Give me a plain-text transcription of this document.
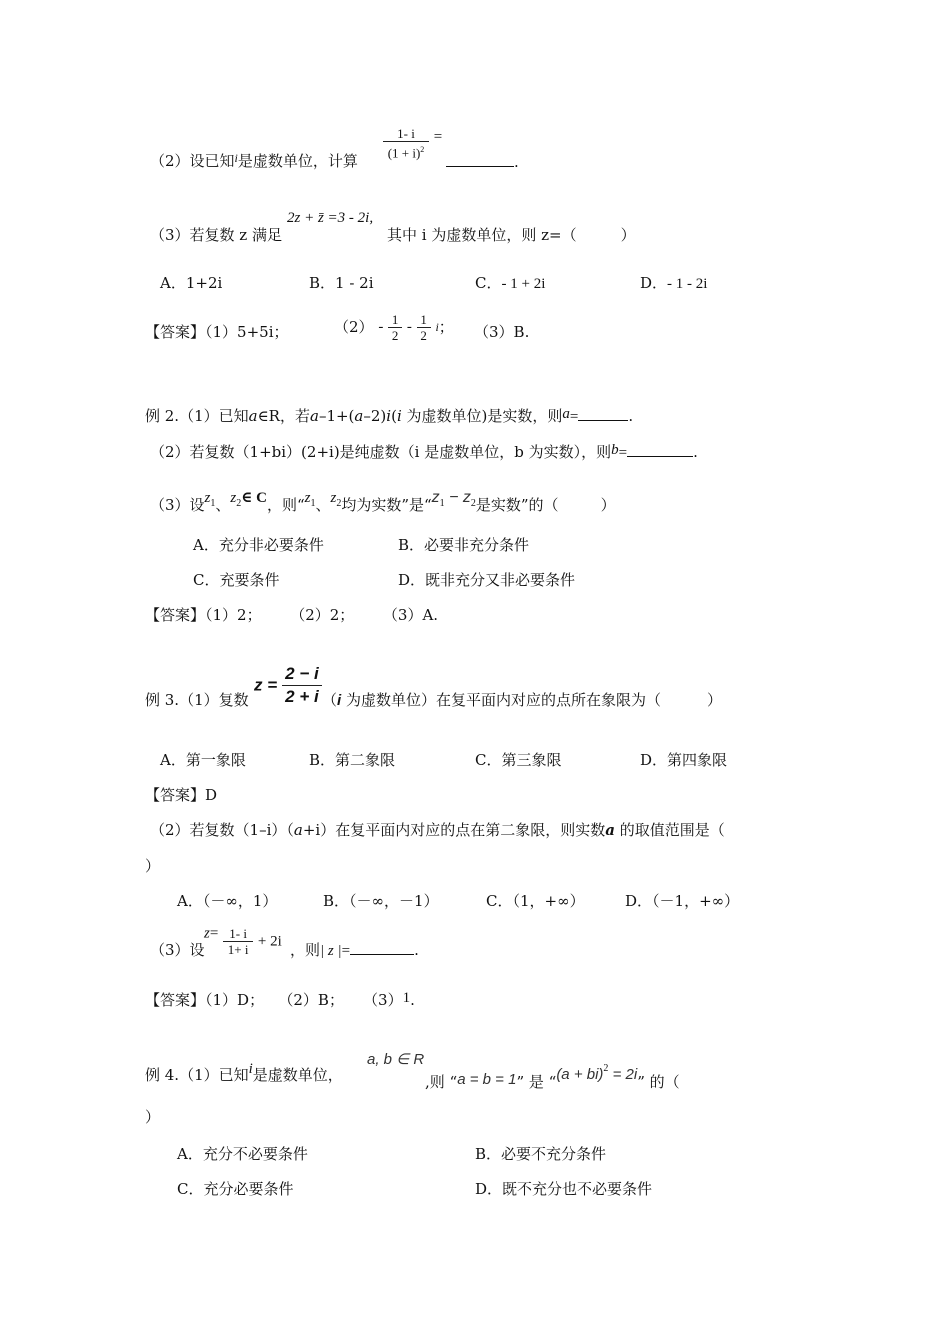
（2）设已知$^i$是虚数单位，计算
$\frac{1- i}{(1 + i)^2}$ =
.
（3）若复数 z 满足
2z + z̄ =3 - 2i,
其中 i 为虚数单位，则 z=（	）
A．1+2i	B．1 - 2i	C．- 1 + 2i	D．- 1 - 2i
【答案】（1）5+5i；	$(2) - \frac{1}{2} - \frac{1}{2}$ i； （3）B.
例 2.（1）已知a∈R，若a–1+(a–2)i(i 为虚数单位)是实数，则a=	.
（2）若复数（1+bi）(2+i)是纯虚数（i 是虚数单位，b 为实数），则b=	.
（3）设$z_1$、$z_2\in$ C，则“$z_1$、$z_2$均为实数”是“$z_1 - z_2$是实数”的（	）
A．充分非必要条件	B．必要非充分条件
C．充要条件	D．既非充分又非必要条件
【答案】（1）2；      （2）2；      （3）A.
例 3.（1）复数
$z = \frac{2 - i}{2 + i} (i$ 为虚数单位）在复平面内对应的点所在象限为（	）
A．第一象限	B．第二象限	C．第三象限	D．第四象限
【答案】D
（2）若复数（1–i）（a+i）在复平面内对应的点在第二象限，则实数a 的取值范围是（
）
A．（－∞，1）	B．（－∞，－1）	C．（1，+∞）	D．（－1，+∞）
（3）设
$z= \frac{1- i}{1+ i} + 2i$ ，则| z |=	.
【答案】（1）D；   （2）B；    （3）1.
例 4.（1）已知i是虚数单位，
a, b ∈ R
,则 “a = b = 1” 是 “(a + bi)$^2$ = 2i” 的（
）
A．充分不必要条件	B．必要不充分条件
C．充分必要条件	D．既不充分也不必要条件
